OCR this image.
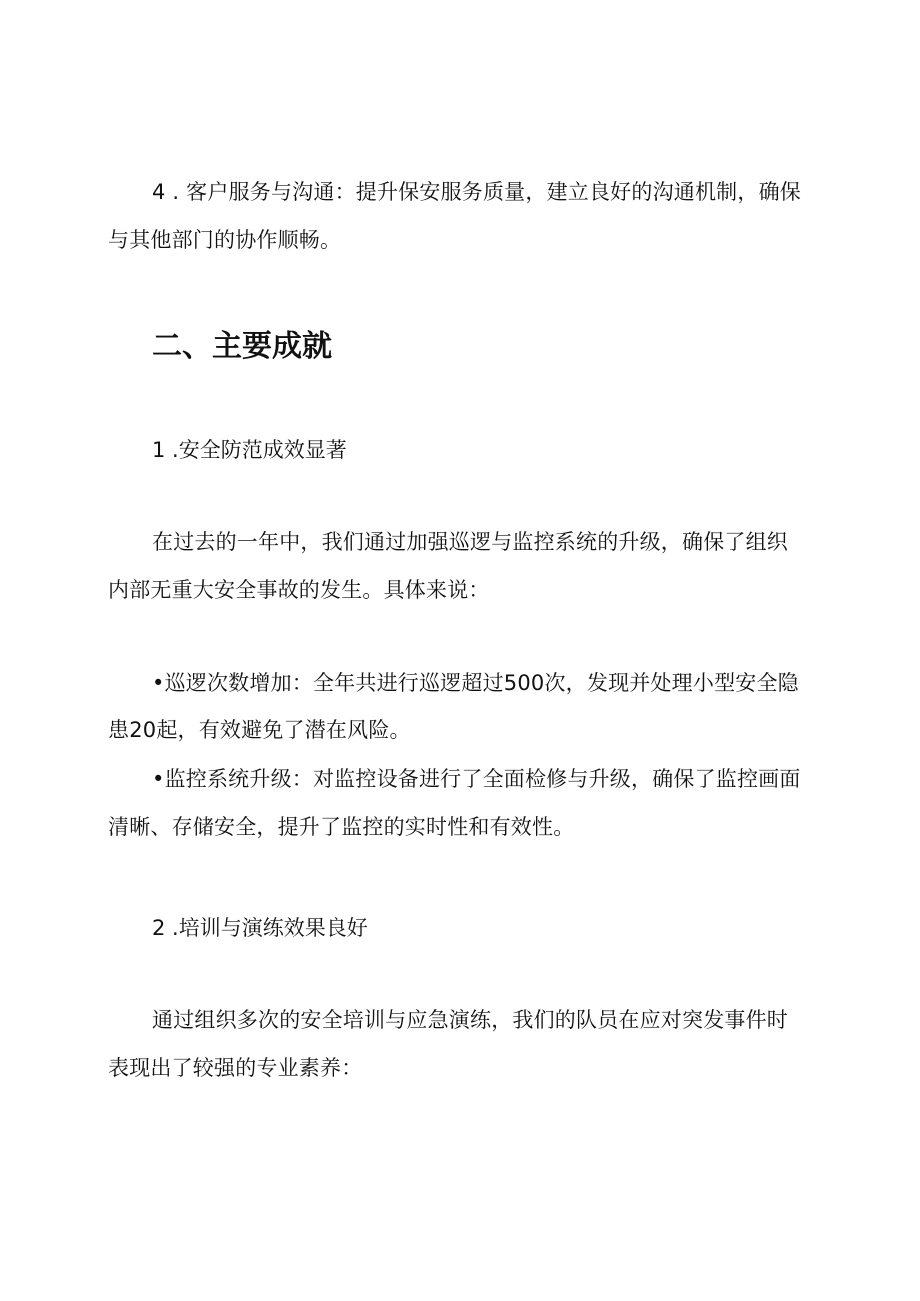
4 . 客户服务与沟通：提升保安服务质量，建立良好的沟通机制，确保
与其他部门的协作顺畅。
二、主要成就
1 .安全防范成效显著
在过去的一年中，我们通过加强巡逻与监控系统的升级，确保了组织
内部无重大安全事故的发生。具体来说：
•巡逻次数增加：全年共进行巡逻超过500次，发现并处理小型安全隐
患20起，有效避免了潜在风险。
•监控系统升级：对监控设备进行了全面检修与升级，确保了监控画面
清晰、存储安全，提升了监控的实时性和有效性。
2 .培训与演练效果良好
通过组织多次的安全培训与应急演练，我们的队员在应对突发事件时
表现出了较强的专业素养：
